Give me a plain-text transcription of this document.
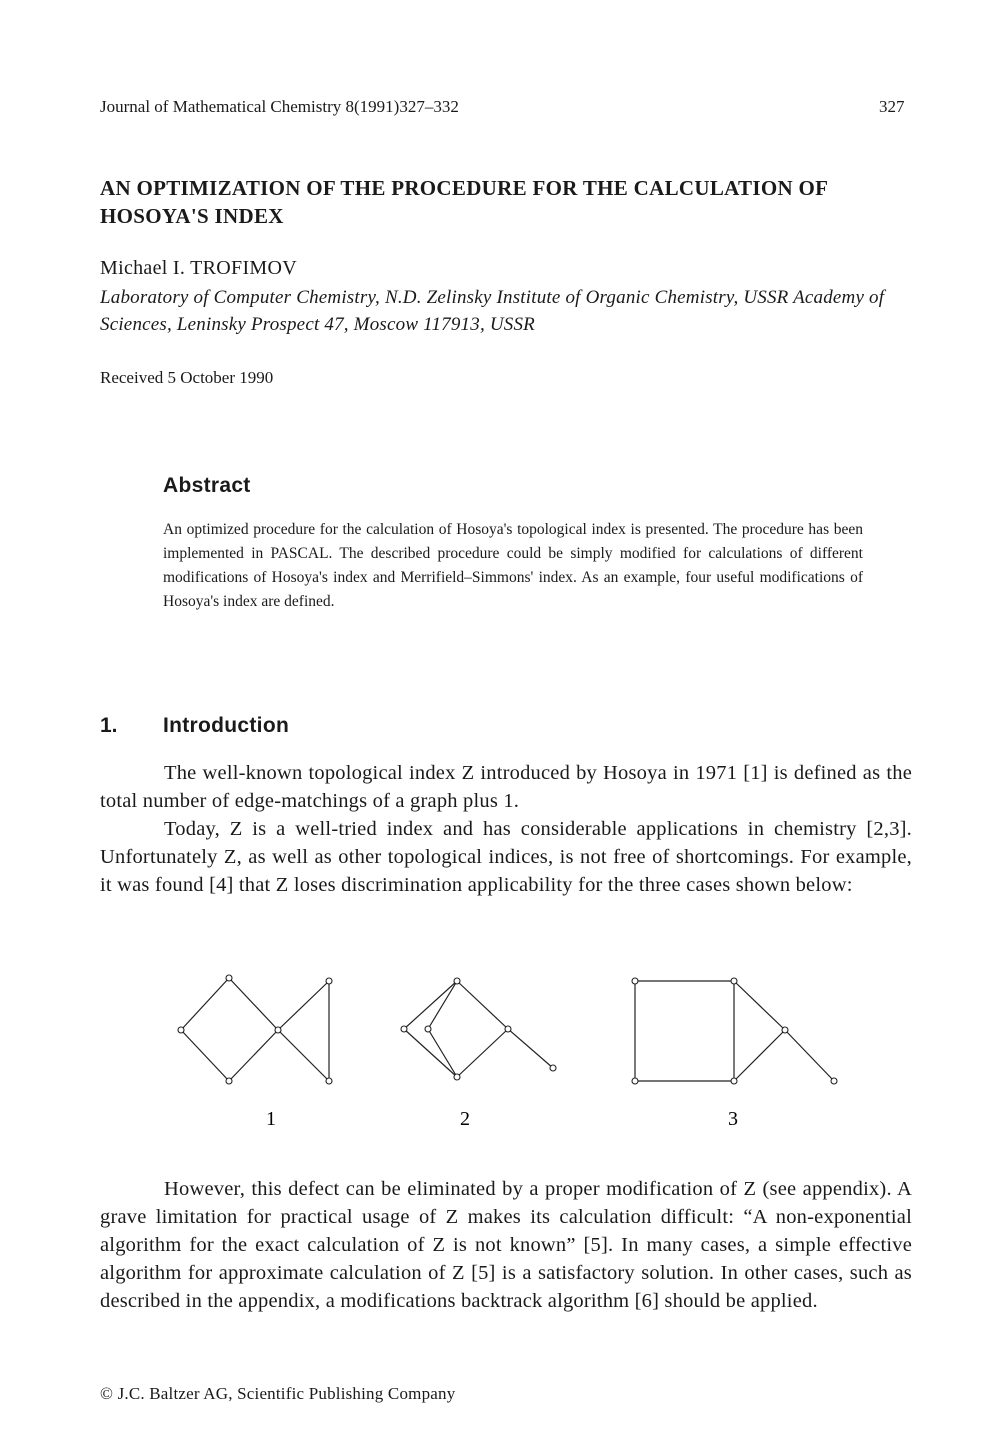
Journal of Mathematical Chemistry 8(1991)327–332	327
AN OPTIMIZATION OF THE PROCEDURE FOR THE CALCULATION OF HOSOYA'S INDEX
Michael I. TROFIMOV
Laboratory of Computer Chemistry, N.D. Zelinsky Institute of Organic Chemistry, USSR Academy of Sciences, Leninsky Prospect 47, Moscow 117913, USSR
Received 5 October 1990
Abstract
An optimized procedure for the calculation of Hosoya's topological index is presented. The procedure has been implemented in PASCAL. The described procedure could be simply modified for calculations of different modifications of Hosoya's index and Merrifield–Simmons' index. As an example, four useful modifications of Hosoya's index are defined.
1. Introduction

The well-known topological index Z introduced by Hosoya in 1971 [1] is defined as the total number of edge-matchings of a graph plus 1.

Today, Z is a well-tried index and has considerable applications in chemistry [2,3]. Unfortunately Z, as well as other topological indices, is not free of shortcomings. For example, it was found [4] that Z loses discrimination applicability for the three cases shown below:

1	2	3

However, this defect can be eliminated by a proper modification of Z (see appendix). A grave limitation for practical usage of Z makes its calculation difficult: “A non-exponential algorithm for the exact calculation of Z is not known” [5]. In many cases, a simple effective algorithm for approximate calculation of Z [5] is a satisfactory solution. In other cases, such as described in the appendix, a modifications backtrack algorithm [6] should be applied.

© J.C. Baltzer AG, Scientific Publishing Company
